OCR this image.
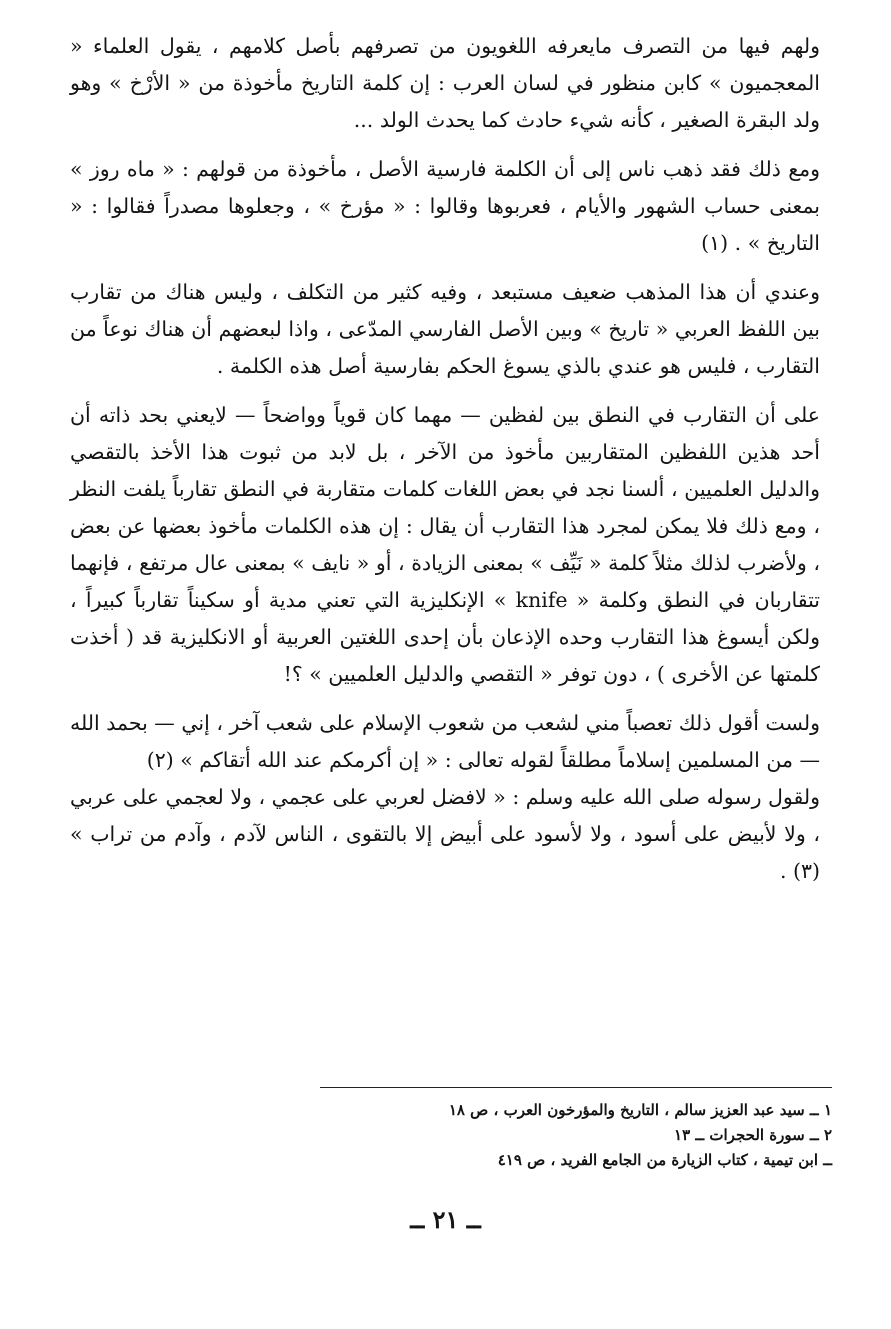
ولهم فيها من التصرف مايعرفه اللغويون من تصرفهم بأصل كلامهم ، يقول العلماء « المعجميون » كابن منظور في لسان العرب : إن كلمة التاريخ مأخوذة من « الأرْخ » وهو ولد البقرة الصغير ، كأنه شيء حادث كما يحدث الولد ...

ومع ذلك فقد ذهب ناس إلى أن الكلمة فارسية الأصل ، مأخوذة من قولهم : « ماه روز » بمعنى حساب الشهور والأيام ، فعربوها وقالوا : « مؤرخ » ، وجعلوها مصدراً فقالوا : « التاريخ » . (١)

وعندي أن هذا المذهب ضعيف مستبعد ، وفيه كثير من التكلف ، وليس هناك من تقارب بين اللفظ العربي « تاريخ » وبين الأصل الفارسي المدّعى ، واذا لبعضهم أن هناك نوعاً من التقارب ، فليس هو عندي بالذي يسوغ الحكم بفارسية أصل هذه الكلمة .

على أن التقارب في النطق بين لفظين — مهما كان قوياً وواضحاً — لايعني بحد ذاته أن أحد هذين اللفظين المتقاربين مأخوذ من الآخر ، بل لابد من ثبوت هذا الأخذ بالتقصي والدليل العلميين ، ألسنا نجد في بعض اللغات كلمات متقاربة في النطق تقارباً يلفت النظر ، ومع ذلك فلا يمكن لمجرد هذا التقارب أن يقال : إن هذه الكلمات مأخوذ بعضها عن بعض ، ولأضرب لذلك مثلاً كلمة « نَيِّف » بمعنى الزيادة ، أو « نايف » بمعنى عال مرتفع ، فإنهما تتقاربان في النطق وكلمة « knife » الإنكليزية التي تعني مدية أو سكيناً تقارباً كبيراً ، ولكن أيسوغ هذا التقارب وحده الإذعان بأن إحدى اللغتين العربية أو الانكليزية قد ( أخذت كلمتها عن الأخرى ) ، دون توفر « التقصي والدليل العلميين » ؟!

ولست أقول ذلك تعصباً مني لشعب من شعوب الإسلام على شعب آخر ، إني — بحمد الله — من المسلمين إسلاماً مطلقاً لقوله تعالى : « إن أكرمكم عند الله أتقاكم » (٢)

ولقول رسوله صلى الله عليه وسلم : « لافضل لعربي على عجمي ، ولا لعجمي على عربي ، ولا لأبيض على أسود ، ولا لأسود على أبيض إلا بالتقوى ، الناس لآدم ، وآدم من تراب » (٣) .

١ ــ سيد عبد العزيز سالم ، التاريخ والمؤرخون العرب ، ص ١٨
٢ ــ سورة الحجرات ــ ١٣
ــ ابن تيمية ، كتاب الزيارة من الجامع الفريد ، ص ٤١٩
ــ ٢١ ــ
